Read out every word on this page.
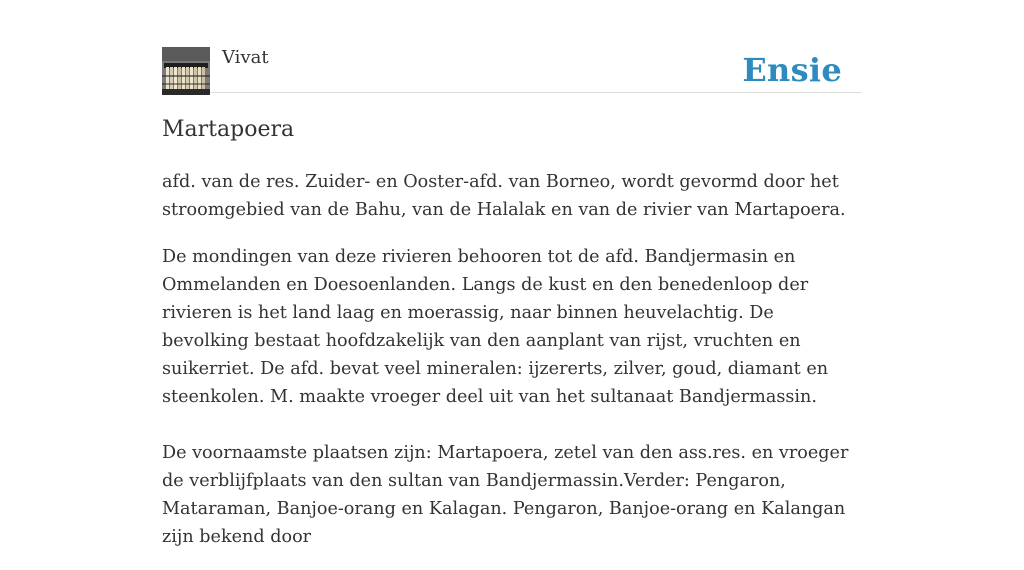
Vivat	Ensie
Martapoera

afd. van de res. Zuider- en Ooster-afd. van Borneo, wordt gevormd door het stroomgebied van de Bahu, van de Halalak en van de rivier van Martapoera.

De mondingen van deze rivieren behooren tot de afd. Bandjermasin en Ommelanden en Doesoenlanden. Langs de kust en den benedenloop der rivieren is het land laag en moerassig, naar binnen heuvelachtig. De bevolking bestaat hoofdzakelijk van den aanplant van rijst, vruchten en suikerriet. De afd. bevat veel mineralen: ijzererts, zilver, goud, diamant en steenkolen. M. maakte vroeger deel uit van het sultanaat Bandjermassin.

De voornaamste plaatsen zijn: Martapoera, zetel van den ass.res. en vroeger de verblijfplaats van den sultan van Bandjermassin.Verder: Pengaron, Mataraman, Banjoe-orang en Kalagan. Pengaron, Banjoe-orang en Kalangan zijn bekend door
